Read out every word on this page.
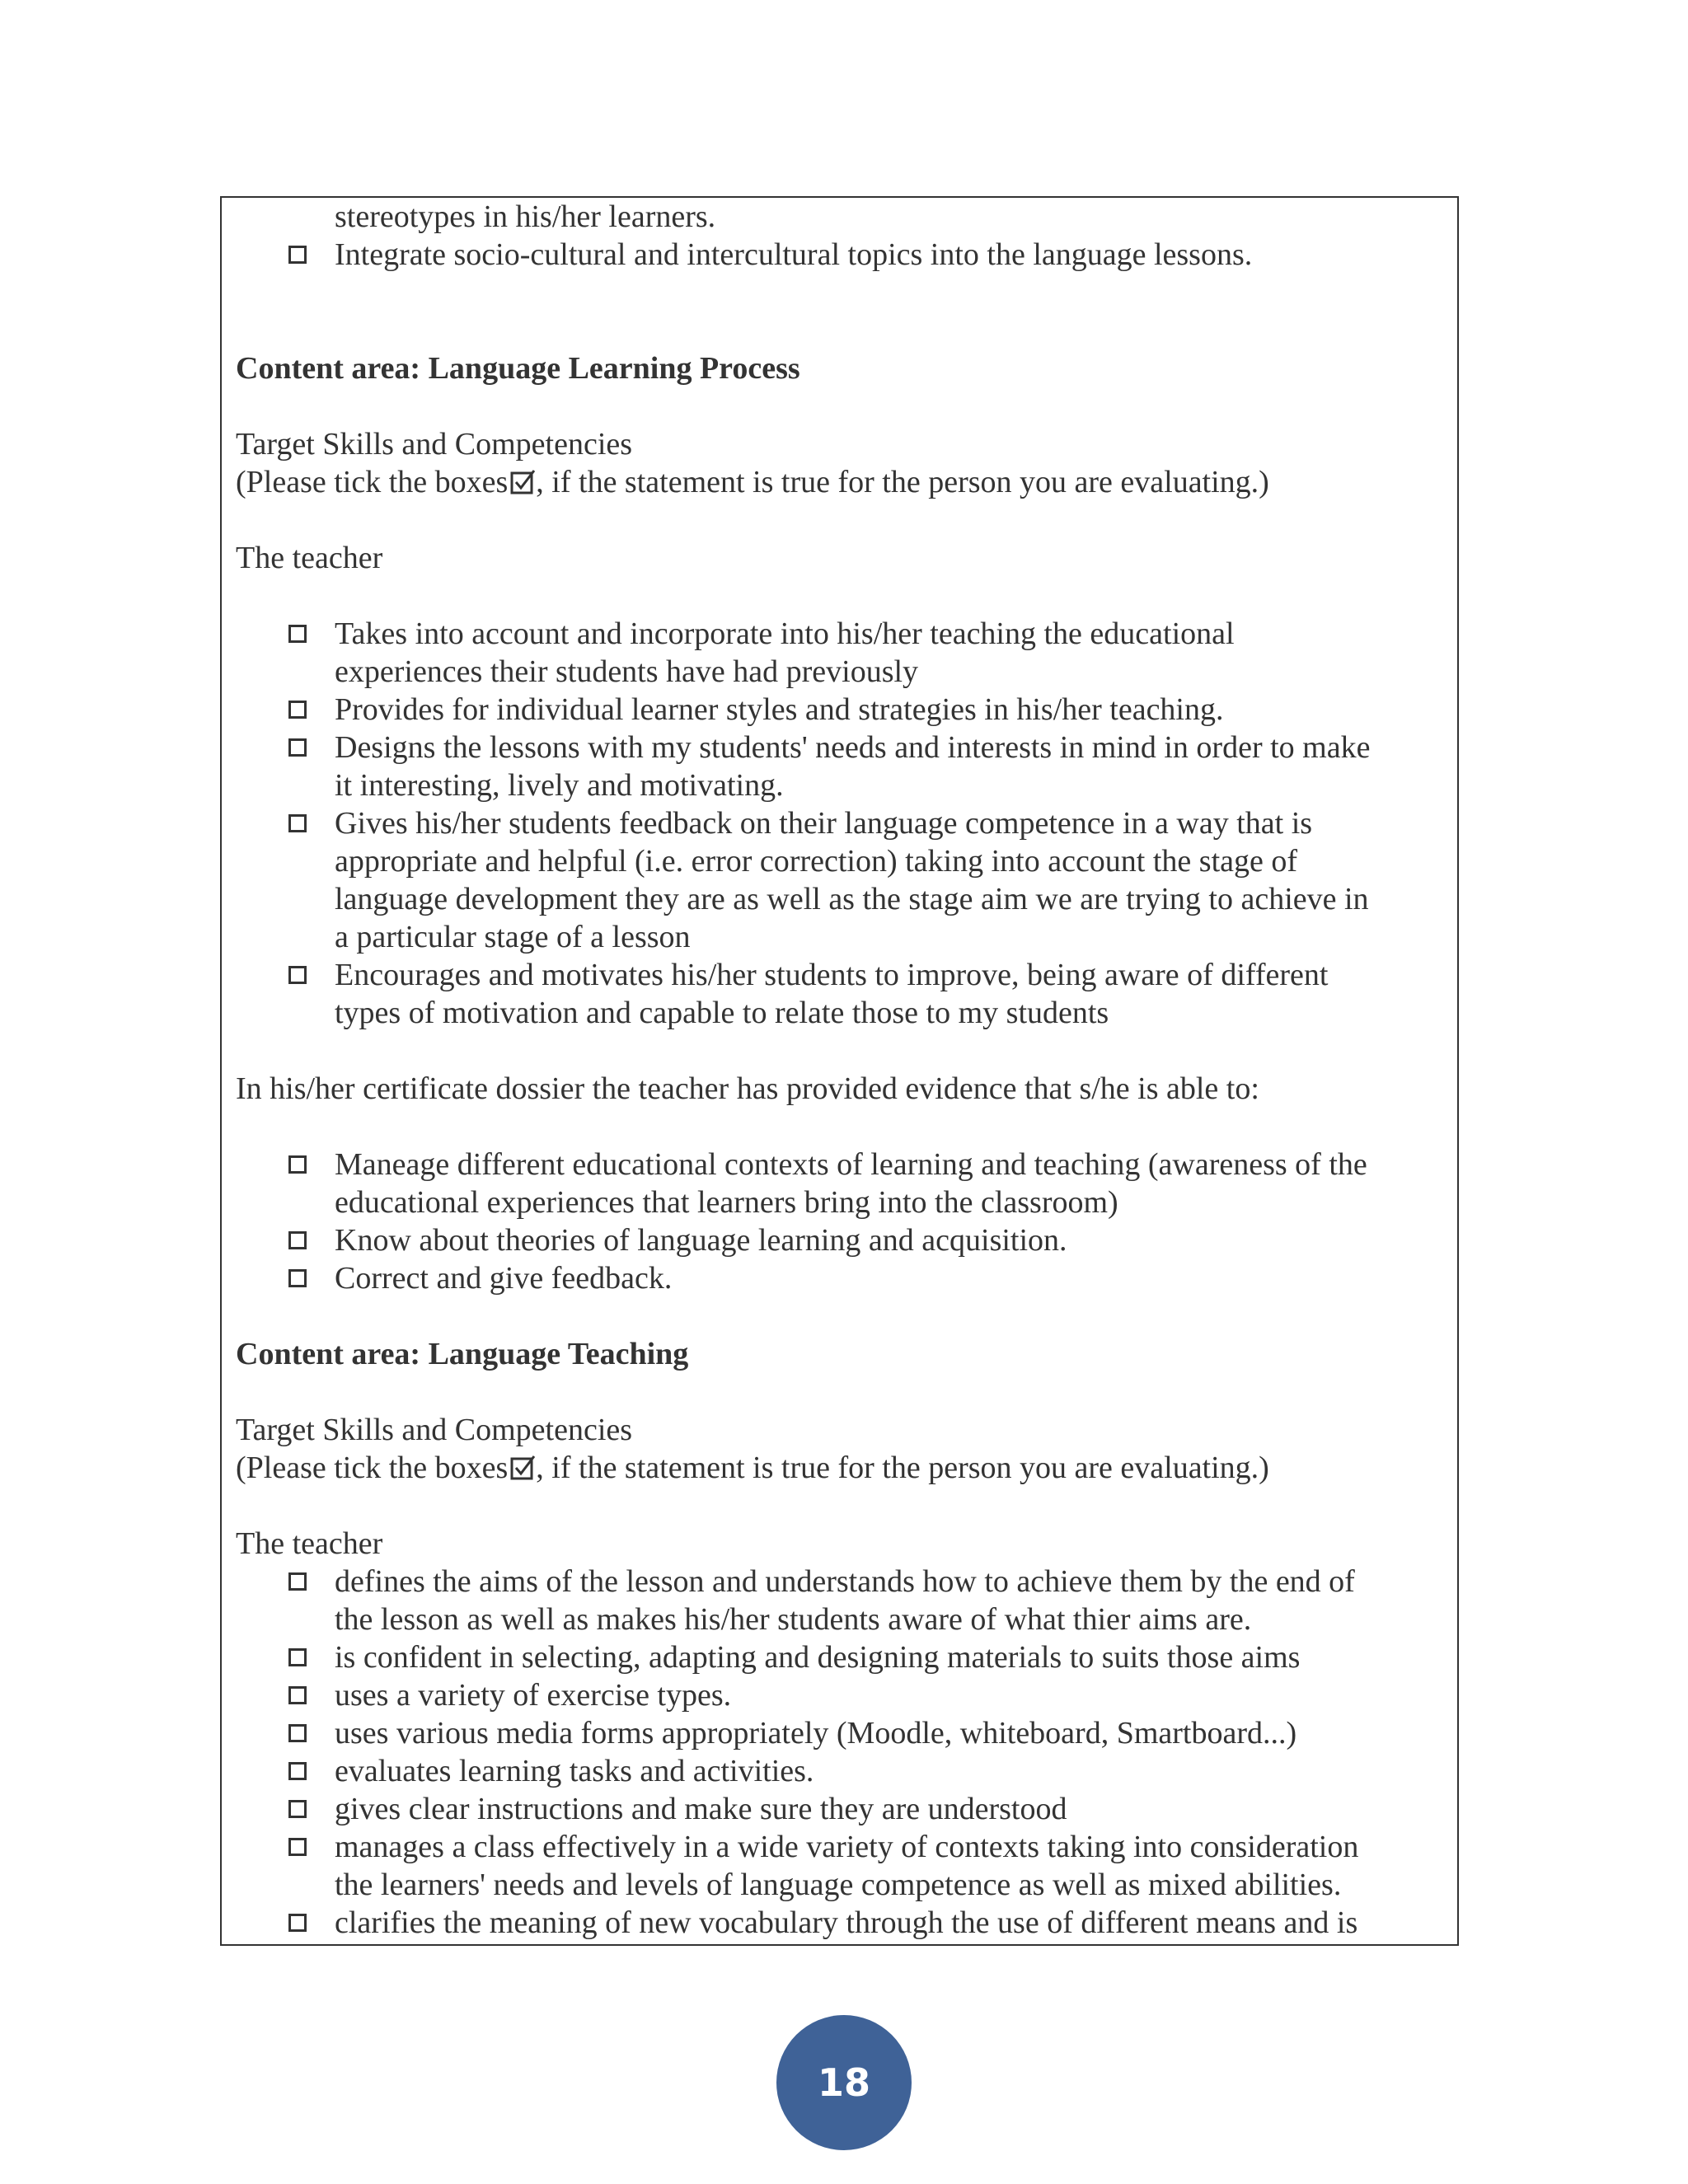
stereotypes in his/her learners.
Integrate socio-cultural and intercultural topics into the language lessons.
Content area: Language Learning Process
Target Skills and Competencies
(Please tick the boxes , if the statement is true for the person you are evaluating.)
The teacher
Takes into account and incorporate into his/her teaching the educational
experiences their students have had previously
Provides for individual learner styles and strategies in his/her teaching.
Designs the lessons with my students' needs and interests in mind in order to make
it interesting, lively and motivating.
Gives his/her students feedback on their language competence in a way that is
appropriate and helpful (i.e. error correction) taking into account the stage of
language development they are as well as the stage aim we are trying to achieve in
a particular stage of a lesson
Encourages and motivates his/her students to improve, being aware of different
types of motivation and capable to relate those to my students
In his/her certificate dossier the teacher has provided evidence that s/he is able to:
Maneage different educational contexts of learning and teaching (awareness of the
educational experiences that learners bring into the classroom)
Know about theories of language learning and acquisition.
Correct and give feedback.
Content area: Language Teaching
Target Skills and Competencies
(Please tick the boxes , if the statement is true for the person you are evaluating.)
The teacher
defines the aims of the lesson and understands how to achieve them by the end of
the lesson as well as makes his/her students aware of what thier aims are.
is confident in selecting, adapting and designing materials to suits those aims
uses a variety of exercise types.
uses various media forms appropriately (Moodle, whiteboard, Smartboard...)
evaluates learning tasks and activities.
gives clear instructions and make sure they are understood
manages a class effectively in a wide variety of contexts taking into consideration
the learners' needs and levels of language competence as well as mixed abilities.
clarifies the meaning of new vocabulary through the use of different means and is
18
